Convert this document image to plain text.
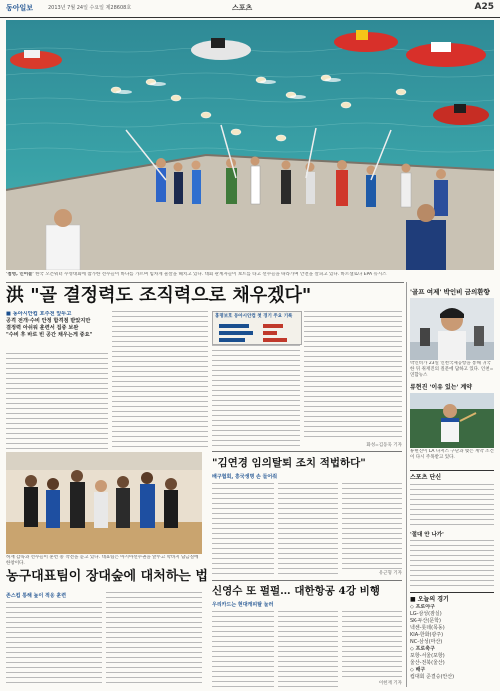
동아일보	2013년 7월 24일 수요일 제28608호	스포츠	A25
'첨벙, 인어들' 한국 오픈워터 수영대회에 참가한 선수들이 바다를 가르며 힘차게 물살을 헤치고 있다. 대회 관계자들이 보트를 타고 선수들을 따라가며 안전을 살피고 있다. 바르셀로나 EPA 뉴시스
洪 "골 결정력도 조직력으로 채우겠다"
■ 동아시안컵 호주전 앞두고
공격 전개·수비 안정 합격점 받았지만
결정력 아쉬워 훈련서 집중 보완
"수비 후 바로 빈 공간 채우는게 중요"
화성=김동욱 기자
홍명보호 동아시안컵 첫 경기 주요 기록
허재 감독과 선수들이 훈련 중 작전을 듣고 있다. 대표팀은 아시아선수권을 앞두고 막바지 담금질에 한창이다.
농구대표팀이 장대숲에 대처하는 법
존스컵 통해 높이 적응 훈련
"김연경 임의탈퇴 조치 적법하다"
배구협회, 흥국생명 손 들어줘
유근형 기자
신영수 또 펄펄… 대한항공 4강 비행
우리카드는 현대캐피탈 눌러
이헌재 기자
'골프 여제' 박인비 금의환향
박인비가 23일 인천국제공항을 통해 귀국한 뒤 취재진의 질문에 답하고 있다. 인천=연합뉴스
류현진 '이유 있는' 계약
류현진이 LA 다저스 구단과 맺은 계약 조건이 다시 주목받고 있다.
스포츠 단신
'절대 안 나가'
■ 오늘의 경기
◇ 프로야구
LG-삼성(잠실)
SK-두산(문학)
넥센-롯데(목동)
KIA-한화(광주)
NC-삼성(마산)
◇ 프로축구
포항-서울(포항)
울산-전북(울산)
◇ 배구
컵대회 준결승(안산)
